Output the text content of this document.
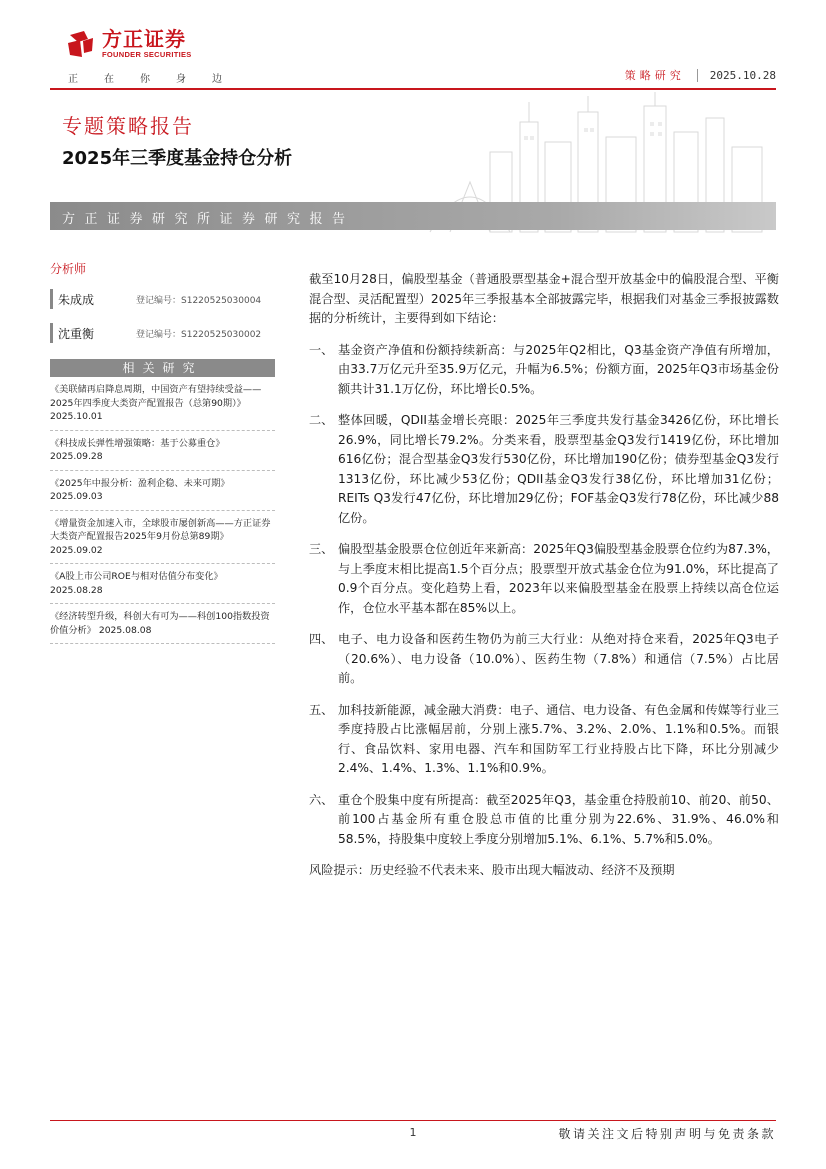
方正证券
FOUNDER SECURITIES
正在你身边	策略研究	2025.10.28
专题策略报告
2025年三季度基金持仓分析
方正证券研究所证券研究报告
分析师
朱成成	登记编号：S1220525030004
沈重衡	登记编号：S1220525030002
相关研究
《美联储再启降息周期，中国资产有望持续受益——2025年四季度大类资产配置报告（总第90期）》 2025.10.01
《科技成长弹性增强策略：基于公募重仓》
2025.09.28
《2025年中报分析：盈利企稳、未来可期》
2025.09.03
《增量资金加速入市，全球股市屡创新高——方正证券大类资产配置报告2025年9月份总第89期》 2025.09.02
《A股上市公司ROE与相对估值分布变化》
2025.08.28
《经济转型升级，科创大有可为——科创100指数投资价值分析》 2025.08.08

截至10月28日，偏股型基金（普通股票型基金+混合型开放基金中的偏股混合型、平衡混合型、灵活配置型）2025年三季报基本全部披露完毕，根据我们对基金三季报披露数据的分析统计，主要得到如下结论：

一、 基金资产净值和份额持续新高：与2025年Q2相比，Q3基金资产净值有所增加，由33.7万亿元升至35.9万亿元，升幅为6.5%；份额方面，2025年Q3市场基金份额共计31.1万亿份，环比增长0.5%。
二、 整体回暖，QDII基金增长亮眼：2025年三季度共发行基金3426亿份，环比增长26.9%，同比增长79.2%。分类来看，股票型基金Q3发行1419亿份，环比增加616亿份；混合型基金Q3发行530亿份，环比增加190亿份；债券型基金Q3发行1313亿份，环比减少53亿份；QDII基金Q3发行38亿份，环比增加31亿份；REITs Q3发行47亿份，环比增加29亿份；FOF基金Q3发行78亿份，环比减少88亿份。
三、 偏股型基金股票仓位创近年来新高：2025年Q3偏股型基金股票仓位约为87.3%，与上季度末相比提高1.5个百分点；股票型开放式基金仓位为91.0%，环比提高了0.9个百分点。变化趋势上看，2023年以来偏股型基金在股票上持续以高仓位运作，仓位水平基本都在85%以上。
四、 电子、电力设备和医药生物仍为前三大行业：从绝对持仓来看，2025年Q3电子（20.6%）、电力设备（10.0%）、医药生物（7.8%）和通信（7.5%）占比居前。
五、 加科技新能源，减金融大消费：电子、通信、电力设备、有色金属和传媒等行业三季度持股占比涨幅居前，分别上涨5.7%、3.2%、2.0%、1.1%和0.5%。而银行、食品饮料、家用电器、汽车和国防军工行业持股占比下降，环比分别减少2.4%、1.4%、1.3%、1.1%和0.9%。
六、 重仓个股集中度有所提高：截至2025年Q3，基金重仓持股前10、前20、前50、前100占基金所有重仓股总市值的比重分别为22.6%、31.9%、46.0%和58.5%，持股集中度较上季度分别增加5.1%、6.1%、5.7%和5.0%。

风险提示：历史经验不代表未来、股市出现大幅波动、经济不及预期

1	敬请关注文后特别声明与免责条款
